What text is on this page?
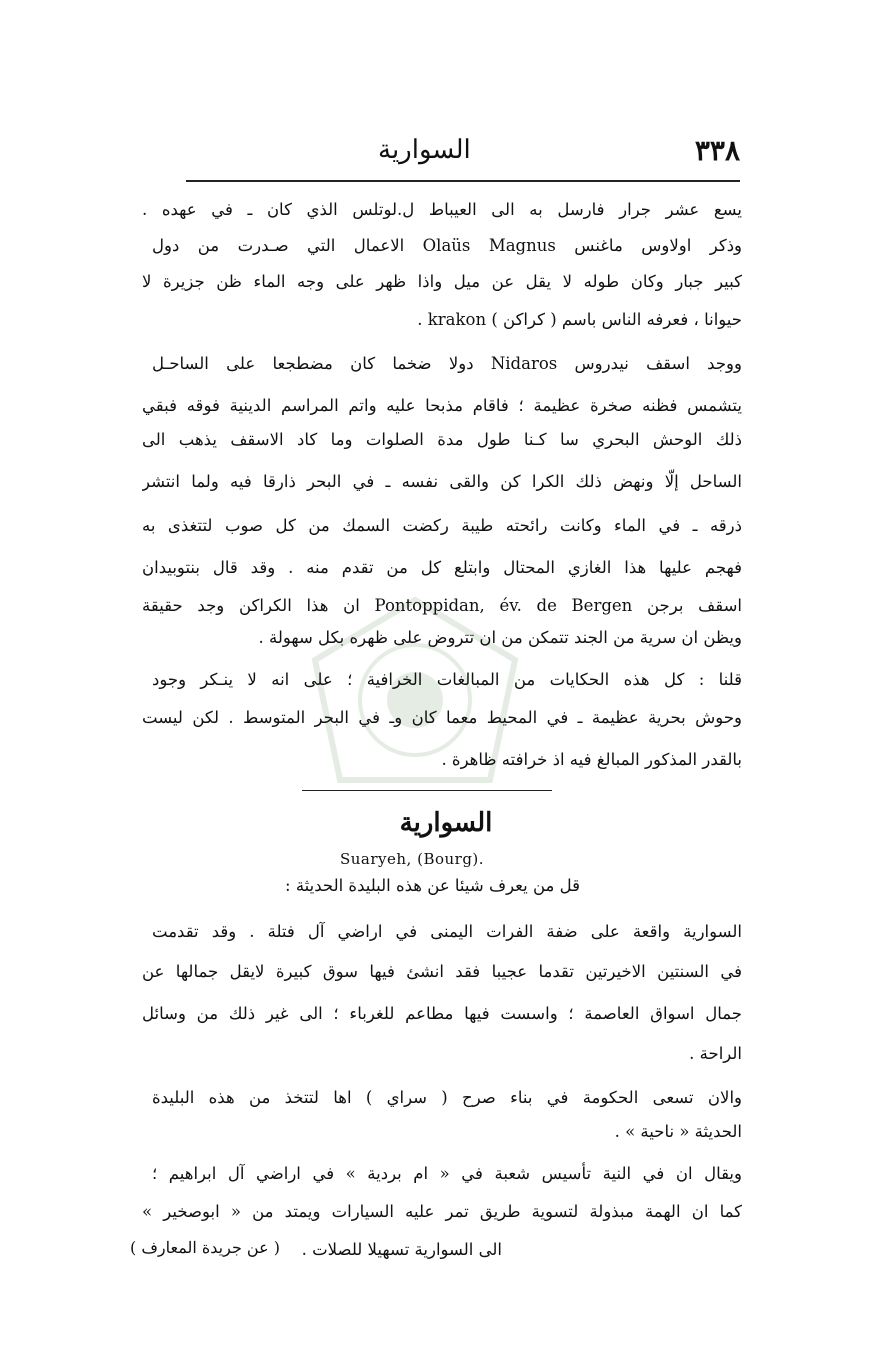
السوارية	٣٣٨
يسع عشر جرار فارسل به الى العيباط ل.لوتلس الذي كان ـ في عهده .
وذكر اولاوس ماغنس Olaüs Magnus الاعمال التي صـدرت من دول
كبير جبار وكان طوله لا يقل عن ميل واذا ظهر على وجه الماء ظن جزيرة لا
حيوانا ، فعرفه الناس باسم ( كراكن ) krakon .
ووجد اسقف نيدروس Nidaros دولا ضخما كان مضطجعا على الساحـل
يتشمس فظنه صخرة عظيمة ؛ فاقام مذبحا عليه واتم المراسم الدينية فوقه فبقي
ذلك الوحش البحري سا كـنا طول مدة الصلوات وما كاد الاسقف يذهب الى
الساحل إلّا ونهض ذلك الكرا كن والقى نفسه ـ في البحر ذارقا فيه ولما انتشر
ذرقه ـ في الماء وكانت رائحته طيبة ركضت السمك من كل صوب لتتغذى به
فهجم عليها هذا الغازي المحتال وابتلع كل من تقدم منه . وقد قال بنتوبيدان
اسقف برجن Pontoppidan, év. de Bergen ان هذا الكراكن وجد حقيقة
ويظن ان سرية من الجند تتمكن من ان تتروض على ظهره بكل سهولة .
قلنا : كل هذه الحكايات من المبالغات الخرافية ؛ على انه لا ينـكر وجود
وحوش بحرية عظيمة ـ في المحيط معما كان وـ في البحر المتوسط . لكن ليست
بالقدر المذكور المبالغ فيه اذ خرافته ظاهرة .
السوارية
Suaryeh, (Bourg).
قل من يعرف شيئا عن هذه البليدة الحديثة :
السوارية واقعة على ضفة الفرات اليمنى في اراضي آل فتلة . وقد تقدمت
في السنتين الاخيرتين تقدما عجيبا فقد انشئ فيها سوق كبيرة لايقل جمالها عن
جمال اسواق العاصمة ؛ واسست فيها مطاعم للغرباء ؛ الى غير ذلك من وسائل
الراحة .
والان تسعى الحكومة في بناء صرح ( سراي ) اها لتتخذ من هذه البليدة
الحديثة « ناحية » .
ويقال ان في النية تأسيس شعبة في « ام بردية » في اراضي آل ابراهيم ؛
كما ان الهمة مبذولة لتسوية طريق تمر عليه السيارات ويمتد من « ابوصخير »
الى السوارية تسهيلا للصلات .
( عن جريدة المعارف )
